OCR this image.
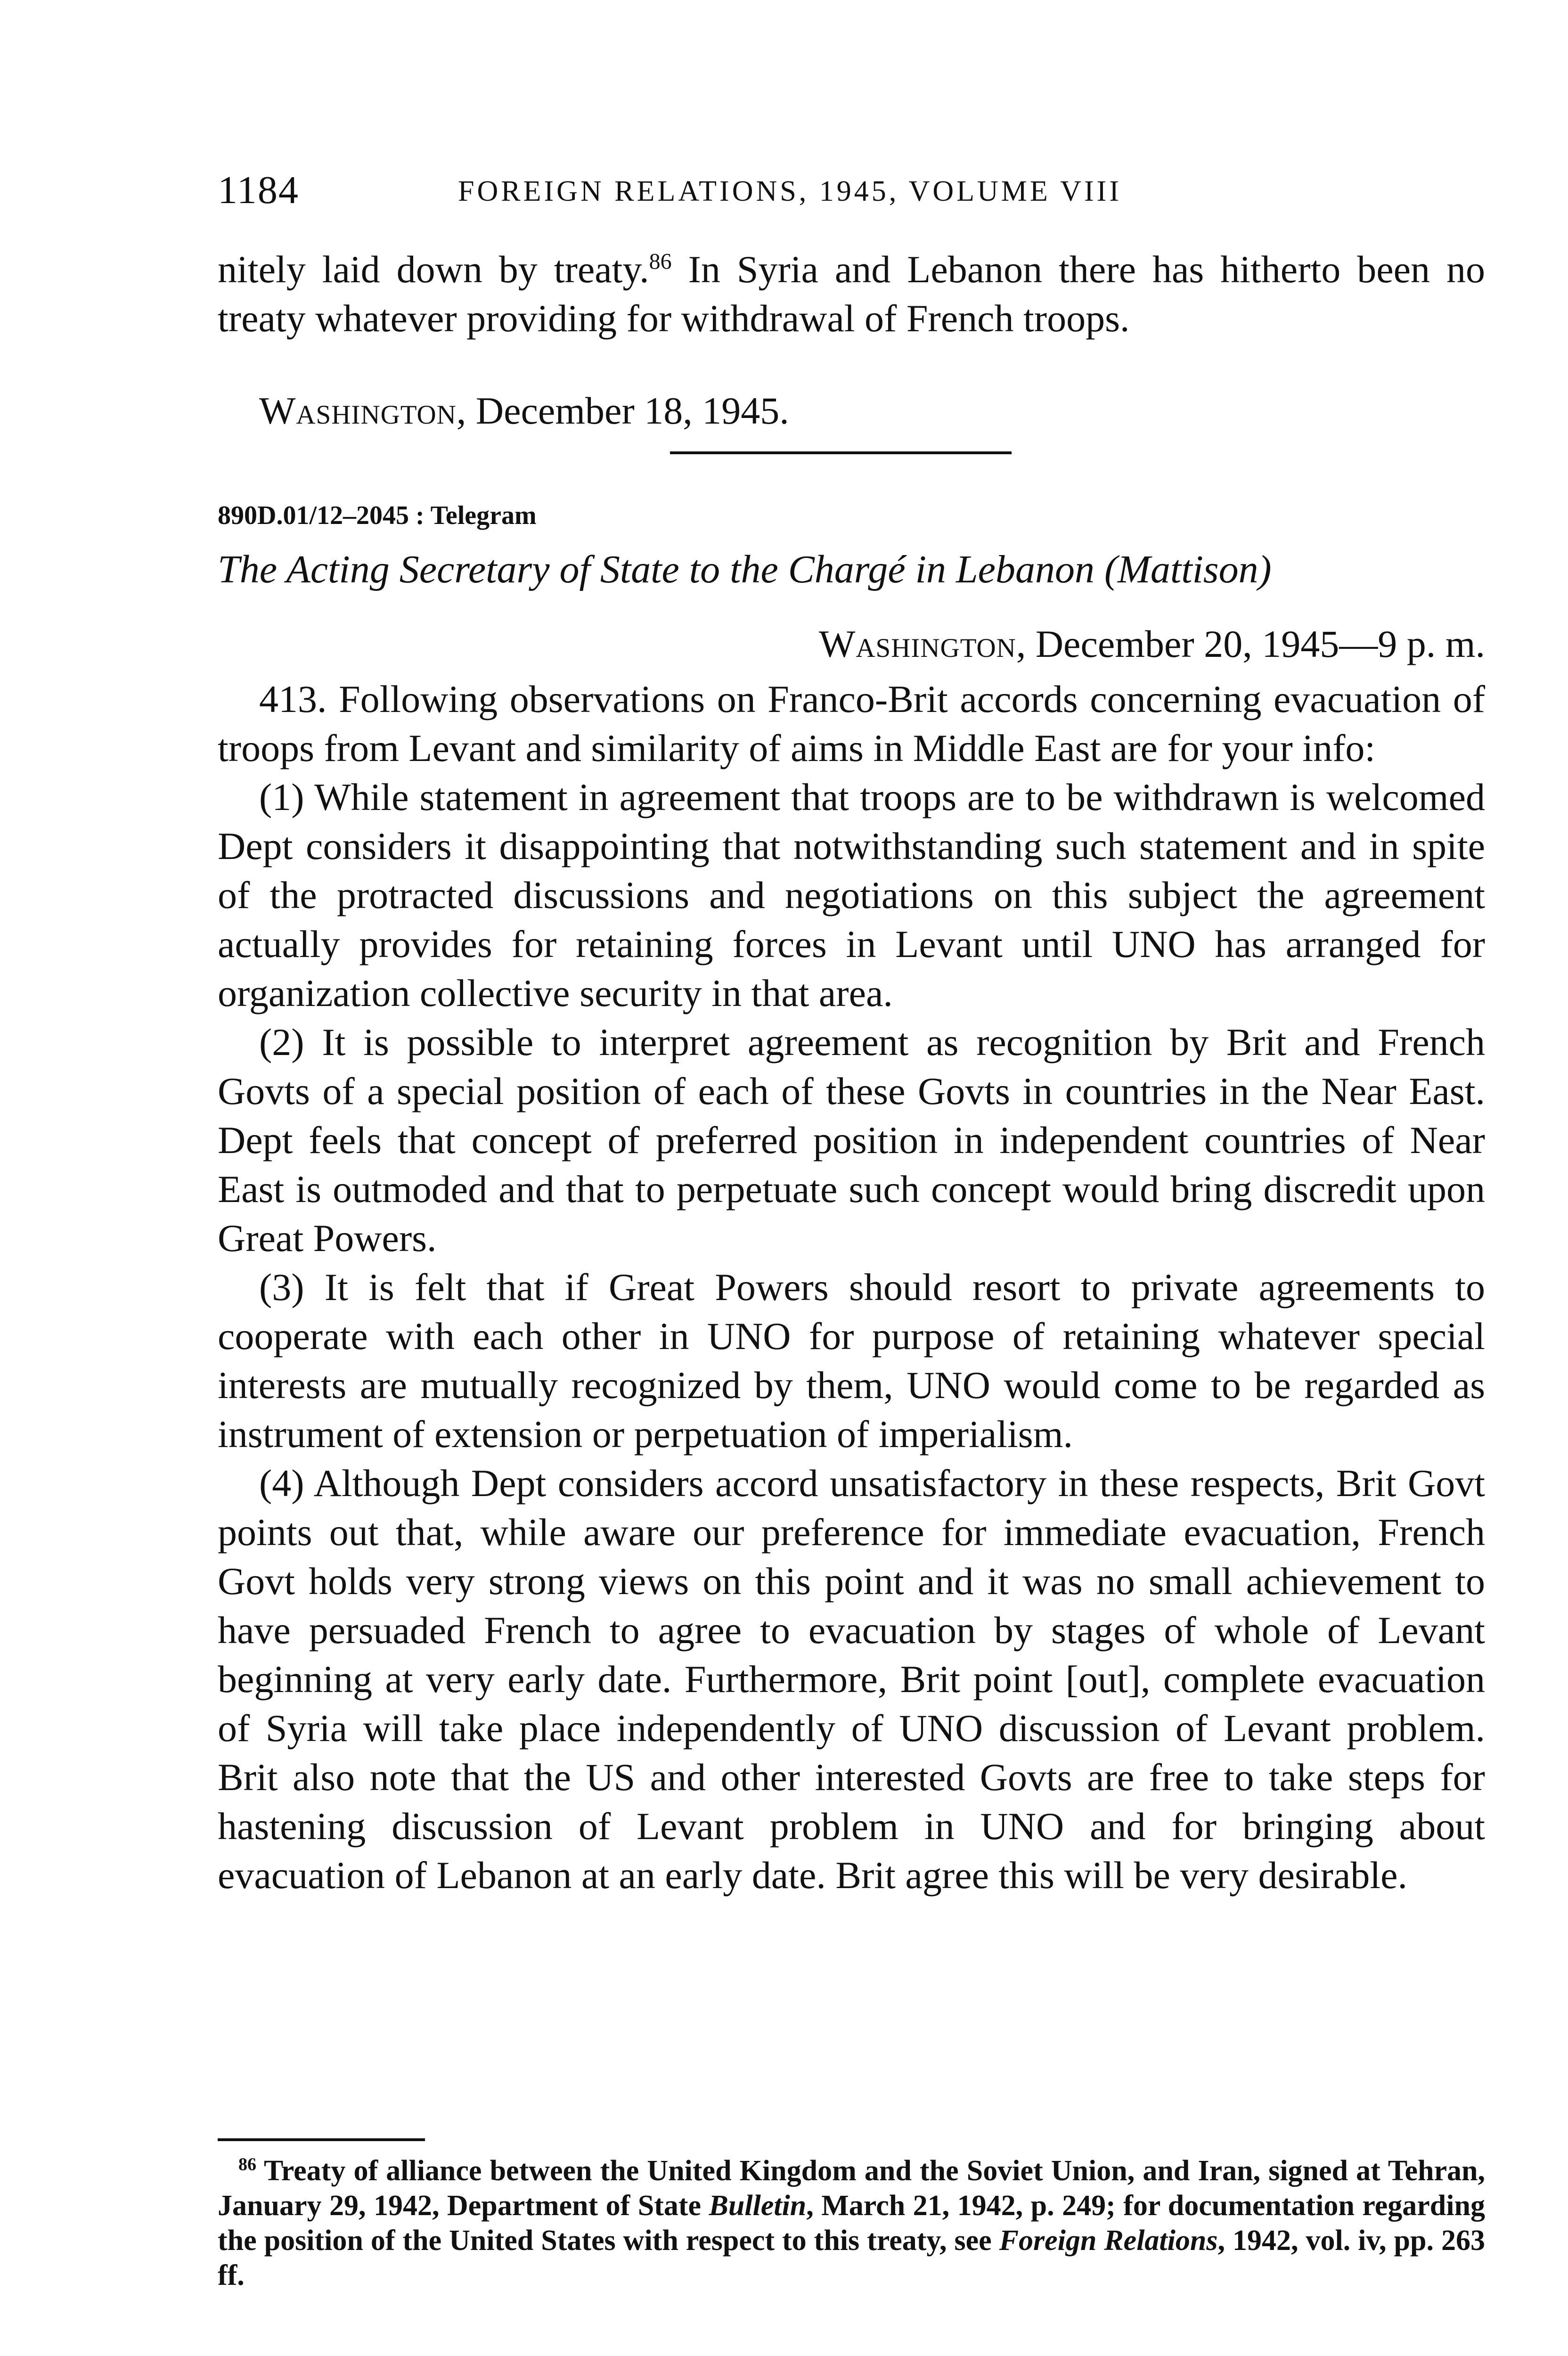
1184	FOREIGN RELATIONS, 1945, VOLUME VIII

nitely laid down by treaty.$^{86}$ In Syria and Lebanon there has hitherto been no treaty whatever providing for withdrawal of French troops.

Washington, December 18, 1945.
890D.01/12–2045 : Telegram
The Acting Secretary of State to the Chargé in Lebanon (Mattison)
Washington, December 20, 1945—9 p. m.

413. Following observations on Franco-Brit accords concerning evacuation of troops from Levant and similarity of aims in Middle East are for your info:

(1) While statement in agreement that troops are to be withdrawn is welcomed Dept considers it disappointing that notwithstanding such statement and in spite of the protracted discussions and negotiations on this subject the agreement actually provides for retaining forces in Levant until UNO has arranged for organization collective security in that area.

(2) It is possible to interpret agreement as recognition by Brit and French Govts of a special position of each of these Govts in countries in the Near East. Dept feels that concept of preferred position in independent countries of Near East is outmoded and that to perpetuate such concept would bring discredit upon Great Powers.

(3) It is felt that if Great Powers should resort to private agreements to cooperate with each other in UNO for purpose of retaining whatever special interests are mutually recognized by them, UNO would come to be regarded as instrument of extension or perpetuation of imperialism.

(4) Although Dept considers accord unsatisfactory in these respects, Brit Govt points out that, while aware our preference for immediate evacuation, French Govt holds very strong views on this point and it was no small achievement to have persuaded French to agree to evacuation by stages of whole of Levant beginning at very early date. Furthermore, Brit point [out], complete evacuation of Syria will take place independently of UNO discussion of Levant problem. Brit also note that the US and other interested Govts are free to take steps for hastening discussion of Levant problem in UNO and for bringing about evacuation of Lebanon at an early date. Brit agree this will be very desirable.

$^{86}$ Treaty of alliance between the United Kingdom and the Soviet Union, and Iran, signed at Tehran, January 29, 1942, Department of State Bulletin, March 21, 1942, p. 249; for documentation regarding the position of the United States with respect to this treaty, see Foreign Relations, 1942, vol. iv, pp. 263 ff.
